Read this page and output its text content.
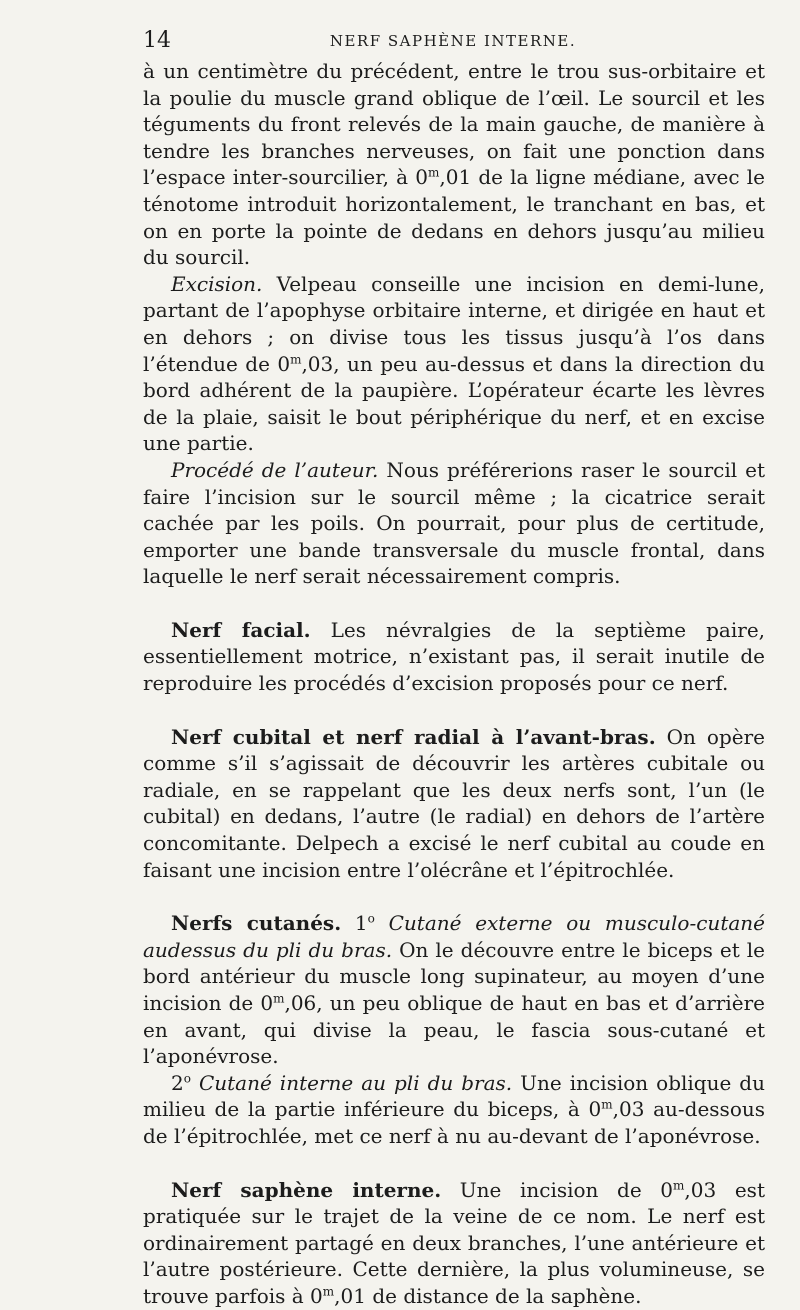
14	NERF SAPHÈNE INTERNE.

à un centimètre du précédent, entre le trou sus-orbitaire et la poulie du muscle grand oblique de l’œil. Le sourcil et les téguments du front relevés de la main gauche, de manière à tendre les branches nerveuses, on fait une ponction dans l’espace inter-sourcilier, à 0$^m$,01 de la ligne médiane, avec le ténotome introduit horizontalement, le tranchant en bas, et on en porte la pointe de dedans en dehors jusqu’au milieu du sourcil.

Excision. Velpeau conseille une incision en demi-lune, partant de l’apophyse orbitaire interne, et dirigée en haut et en dehors ; on divise tous les tissus jusqu’à l’os dans l’étendue de 0$^m$,03, un peu au-dessus et dans la direction du bord adhérent de la paupière. L’opérateur écarte les lèvres de la plaie, saisit le bout périphérique du nerf, et en excise une partie.

Procédé de l’auteur. Nous préférerions raser le sourcil et faire l’incision sur le sourcil même ; la cicatrice serait cachée par les poils. On pourrait, pour plus de certitude, emporter une bande transversale du muscle frontal, dans laquelle le nerf serait nécessairement compris.

Nerf facial. Les névralgies de la septième paire, essentiellement motrice, n’existant pas, il serait inutile de reproduire les procédés d’excision proposés pour ce nerf.

Nerf cubital et nerf radial à l’avant-bras. On opère comme s’il s’agissait de découvrir les artères cubitale ou radiale, en se rappelant que les deux nerfs sont, l’un (le cubital) en dedans, l’autre (le radial) en dehors de l’artère concomitante. Delpech a excisé le nerf cubital au coude en faisant une incision entre l’olécrâne et l’épitrochlée.

Nerfs cutanés. 1$^o$ Cutané externe ou musculo-cutané audessus du pli du bras. On le découvre entre le biceps et le bord antérieur du muscle long supinateur, au moyen d’une incision de 0$^m$,06, un peu oblique de haut en bas et d’arrière en avant, qui divise la peau, le fascia sous-cutané et l’aponévrose.

2$^o$ Cutané interne au pli du bras. Une incision oblique du milieu de la partie inférieure du biceps, à 0$^m$,03 au-dessous de l’épitrochlée, met ce nerf à nu au-devant de l’aponévrose.

Nerf saphène interne. Une incision de 0$^m$,03 est pratiquée sur le trajet de la veine de ce nom. Le nerf est ordinairement partagé en deux branches, l’une antérieure et l’autre postérieure. Cette dernière, la plus volumineuse, se trouve parfois à 0$^m$,01 de distance de la saphène.
